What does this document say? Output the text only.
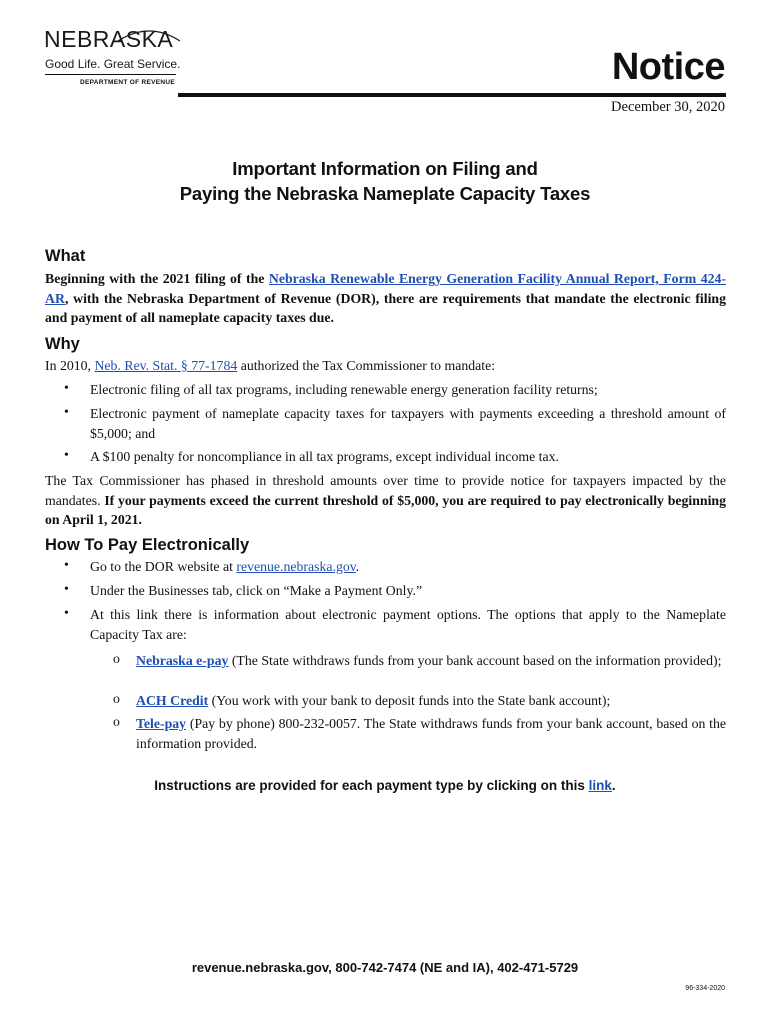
NEBRASKA
Good Life. Great Service.
DEPARTMENT OF REVENUE	Notice
December 30, 2020
Important Information on Filing and
Paying the Nebraska Nameplate Capacity Taxes
What
Beginning with the 2021 filing of the Nebraska Renewable Energy Generation Facility Annual Report, Form 424-AR, with the Nebraska Department of Revenue (DOR), there are requirements that mandate the electronic filing and payment of all nameplate capacity taxes due.
Why
In 2010, Neb. Rev. Stat. § 77-1784 authorized the Tax Commissioner to mandate:
• Electronic filing of all tax programs, including renewable energy generation facility returns;
• Electronic payment of nameplate capacity taxes for taxpayers with payments exceeding a threshold amount of $5,000; and
• A $100 penalty for noncompliance in all tax programs, except individual income tax.
The Tax Commissioner has phased in threshold amounts over time to provide notice for taxpayers impacted by the mandates. If your payments exceed the current threshold of $5,000, you are required to pay electronically beginning on April 1, 2021.
How To Pay Electronically
• Go to the DOR website at revenue.nebraska.gov.
• Under the Businesses tab, click on “Make a Payment Only.”
• At this link there is information about electronic payment options. The options that apply to the Nameplate Capacity Tax are:
o Nebraska e-pay (The State withdraws funds from your bank account based on the information provided);
o ACH Credit (You work with your bank to deposit funds into the State bank account);
o Tele-pay (Pay by phone) 800-232-0057. The State withdraws funds from your bank account, based on the information provided.
Instructions are provided for each payment type by clicking on this link.
revenue.nebraska.gov, 800-742-7474 (NE and IA), 402-471-5729
96-334-2020
